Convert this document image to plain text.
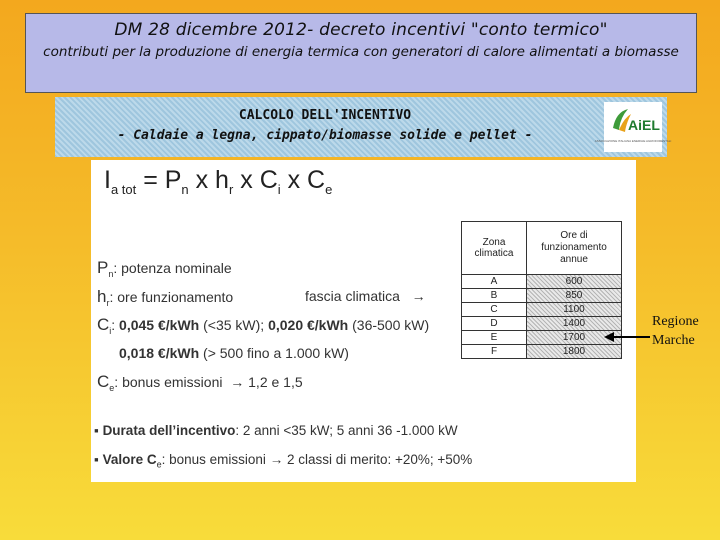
DM 28 dicembre 2012- decreto incentivi "conto termico"
contributi per la produzione di energia termica con generatori di calore alimentati a biomasse
CALCOLO DELL'INCENTIVO
- Caldaie a legna, cippato/biomasse solide e pellet -
AiEL
ASSOCIAZIONE ITALIANA ENERGIE AGROFORESTALI
$I_{a tot} = P_n$ x $h_r$ x $C_i$ x $C_e$
$P_n$: potenza nominale
$h_r$: ore funzionamento	fascia climatica →
$C_i$: 0,045 €/kWh (<35 kW); 0,020 €/kWh (36-500 kW)
0,018 €/kWh (> 500 fino a 1.000 kW)
$C_e$: bonus emissioni → 1,2 e 1,5
Zona climatica	Ore di funzionamento annue
A	600
B	850
C	1100
D	1400
E	1700
F	1800
▪ Durata dell’incentivo: 2 anni <35 kW; 5 anni 36 -1.000 kW
▪ Valore $C_e$: bonus emissioni → 2 classi di merito: +20%; +50%
Regione Marche
